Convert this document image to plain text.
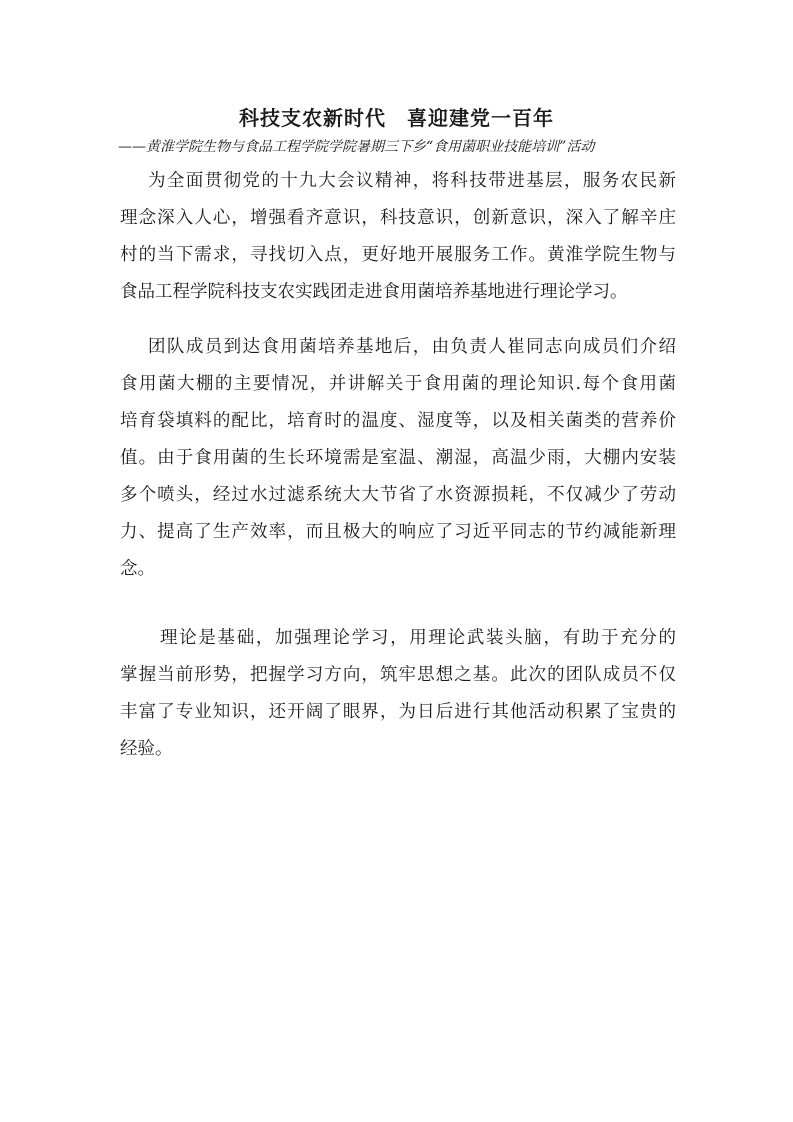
科技支农新时代　喜迎建党一百年
——黄淮学院生物与食品工程学院学院暑期三下乡“食用菌职业技能培训”活动
为全面贯彻党的十九大会议精神，将科技带进基层，服务农民新
理念深入人心，增强看齐意识，科技意识，创新意识，深入了解辛庄
村的当下需求，寻找切入点，更好地开展服务工作。黄淮学院生物与
食品工程学院科技支农实践团走进食用菌培养基地进行理论学习。
团队成员到达食用菌培养基地后，由负责人崔同志向成员们介绍
食用菌大棚的主要情况，并讲解关于食用菌的理论知识.每个食用菌
培育袋填料的配比，培育时的温度、湿度等，以及相关菌类的营养价
值。由于食用菌的生长环境需是室温、潮湿，高温少雨，大棚内安装
多个喷头，经过水过滤系统大大节省了水资源损耗，不仅减少了劳动
力、提高了生产效率，而且极大的响应了习近平同志的节约减能新理
念。
理论是基础，加强理论学习，用理论武装头脑，有助于充分的
掌握当前形势，把握学习方向，筑牢思想之基。此次的团队成员不仅
丰富了专业知识，还开阔了眼界，为日后进行其他活动积累了宝贵的
经验。
